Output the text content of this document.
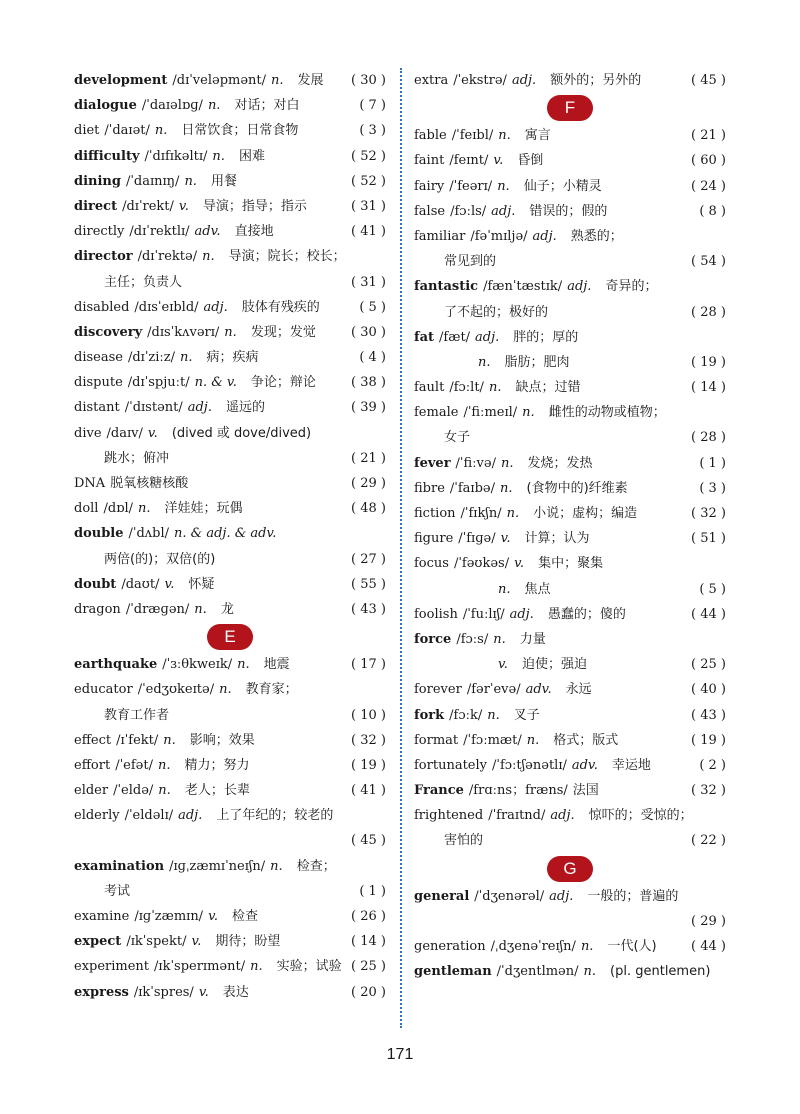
development /dɪˈveləpmənt/ n. 发展 ( 30 )
dialogue /ˈdaɪəlɒɡ/ n. 对话；对白	( 7 )
diet /ˈdaɪət/ n. 日常饮食；日常食物	( 3 )
difficulty /ˈdɪfɪkəltɪ/ n. 困难	( 52 )
dining /ˈdaɪnɪŋ/ n. 用餐	( 52 )
direct /dɪˈrekt/ v. 导演；指导；指示	( 31 )
directly /dɪˈrektlɪ/ adv. 直接地	( 41 )
director /dɪˈrektə/ n. 导演；院长；校长；
主任；负责人	( 31 )
disabled /dɪsˈeɪbld/ adj. 肢体有残疾的	( 5 )
discovery /dɪsˈkʌvərɪ/ n. 发现；发觉	( 30 )
disease /dɪˈziːz/ n. 病；疾病	( 4 )
dispute /dɪˈspjuːt/ n. & v. 争论；辩论	( 38 )
distant /ˈdɪstənt/ adj. 遥远的	( 39 )
dive /daɪv/ v. (dived 或 dove/dived)
跳水；俯冲	( 21 )
DNA 脱氧核糖核酸	( 29 )
doll /dɒl/ n. 洋娃娃；玩偶	( 48 )
double /ˈdʌbl/ n. & adj. & adv.
两倍(的)；双倍(的)	( 27 )
doubt /daʊt/ v. 怀疑	( 55 )
dragon /ˈdræɡən/ n. 龙	( 43 )
E
earthquake /ˈɜːθkweɪk/ n. 地震	( 17 )
educator /ˈedʒʊkeɪtə/ n. 教育家；
教育工作者	( 10 )
effect /ɪˈfekt/ n. 影响；效果	( 32 )
effort /ˈefət/ n. 精力；努力	( 19 )
elder /ˈeldə/ n. 老人；长辈	( 41 )
elderly /ˈeldəlɪ/ adj. 上了年纪的；较老的
( 45 )
examination /ɪɡˌzæmɪˈneɪʃn/ n. 检查；
考试	( 1 )
examine /ɪɡˈzæmɪn/ v. 检查	( 26 )
expect /ɪkˈspekt/ v. 期待；盼望	( 14 )
experiment /ɪkˈsperɪmənt/ n. 实验；试验 ( 25 )
express /ɪkˈspres/ v. 表达	( 20 )
extra /ˈekstrə/ adj. 额外的；另外的	( 45 )
F
fable /ˈfeɪbl/ n. 寓言	( 21 )
faint /feɪnt/ v. 昏倒	( 60 )
fairy /ˈfeərɪ/ n. 仙子；小精灵	( 24 )
false /fɔːls/ adj. 错误的；假的	( 8 )
familiar /fəˈmɪljə/ adj. 熟悉的；
常见到的	( 54 )
fantastic /fænˈtæstɪk/ adj. 奇异的；
了不起的；极好的	( 28 )
fat /fæt/ adj. 胖的；厚的
n. 脂肪；肥肉	( 19 )
fault /fɔːlt/ n. 缺点；过错	( 14 )
female /ˈfiːmeɪl/ n. 雌性的动物或植物；
女子	( 28 )
fever /ˈfiːvə/ n. 发烧；发热	( 1 )
fibre /ˈfaɪbə/ n. (食物中的)纤维素	( 3 )
fiction /ˈfɪkʃn/ n. 小说；虚构；编造	( 32 )
figure /ˈfɪɡə/ v. 计算；认为	( 51 )
focus /ˈfəʊkəs/ v. 集中；聚集
n. 焦点	( 5 )
foolish /ˈfuːlɪʃ/ adj. 愚蠢的；傻的	( 44 )
force /fɔːs/ n. 力量
v. 迫使；强迫	( 25 )
forever /fərˈevə/ adv. 永远	( 40 )
fork /fɔːk/ n. 叉子	( 43 )
format /ˈfɔːmæt/ n. 格式；版式	( 19 )
fortunately /ˈfɔːtʃənətlɪ/ adv. 幸运地	( 2 )
France /frɑːns；fræns/ 法国	( 32 )
frightened /ˈfraɪtnd/ adj. 惊吓的；受惊的；
害怕的	( 22 )
G
general /ˈdʒenərəl/ adj. 一般的；普遍的
( 29 )
generation /ˌdʒenəˈreɪʃn/ n. 一代(人)	( 44 )
gentleman /ˈdʒentlmən/ n. (pl. gentlemen)
171
